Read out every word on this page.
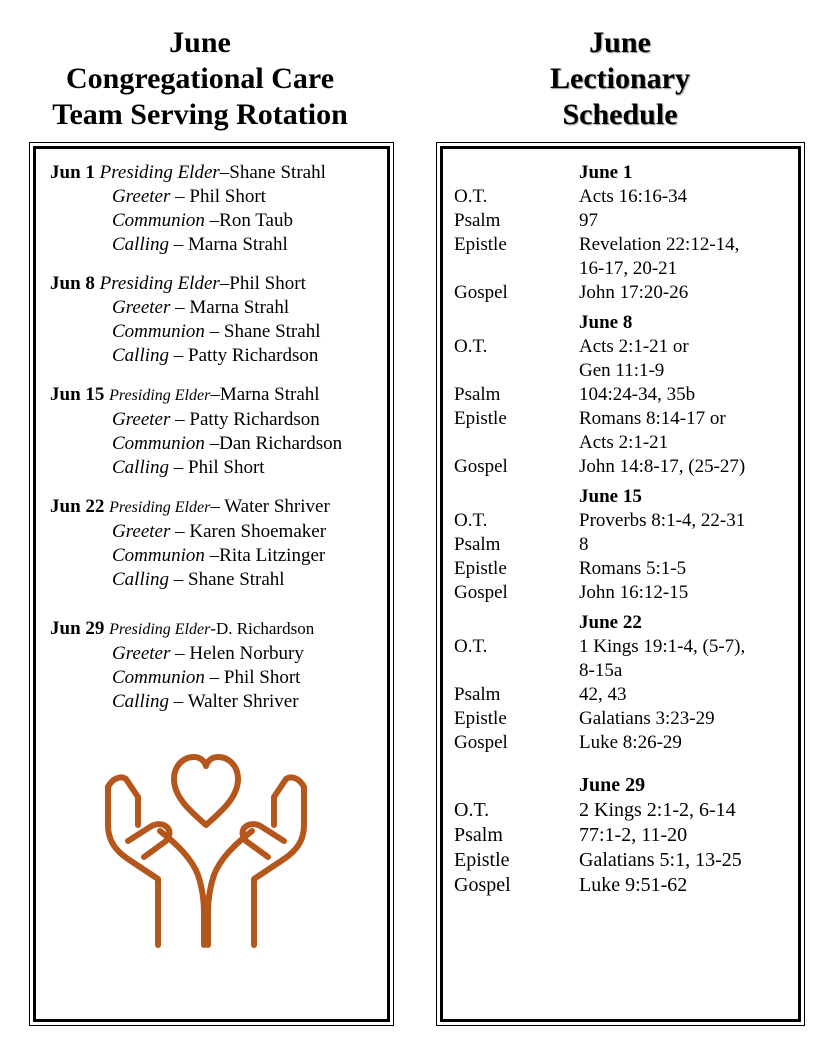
June
Congregational Care
Team Serving Rotation
June
Lectionary
Schedule
Jun 1 Presiding Elder–Shane Strahl
Greeter – Phil Short
Communion –Ron Taub
Calling – Marna Strahl
Jun 8 Presiding Elder–Phil Short
Greeter – Marna Strahl
Communion – Shane Strahl
Calling – Patty Richardson
Jun 15 Presiding Elder–Marna Strahl
Greeter – Patty Richardson
Communion –Dan Richardson
Calling – Phil Short
Jun 22 Presiding Elder– Water Shriver
Greeter – Karen Shoemaker
Communion –Rita Litzinger
Calling – Shane Strahl
Jun 29 Presiding Elder-D. Richardson
Greeter – Helen Norbury
Communion – Phil Short
Calling – Walter Shriver
June 1
O.T.	Acts 16:16-34
Psalm	97
Epistle	Revelation 22:12-14,
16-17, 20-21
Gospel	John 17:20-26
June 8
O.T.	Acts 2:1-21 or
Gen 11:1-9
Psalm	104:24-34, 35b
Epistle	Romans 8:14-17 or
Acts 2:1-21
Gospel	John 14:8-17, (25-27)
June 15
O.T.	Proverbs 8:1-4, 22-31
Psalm	8
Epistle	Romans 5:1-5
Gospel	John 16:12-15
June 22
O.T.	1 Kings 19:1-4, (5-7),
8-15a
Psalm	42, 43
Epistle	Galatians 3:23-29
Gospel	Luke 8:26-29
June 29
O.T.	2 Kings 2:1-2, 6-14
Psalm	77:1-2, 11-20
Epistle	Galatians 5:1, 13-25
Gospel	Luke 9:51-62
